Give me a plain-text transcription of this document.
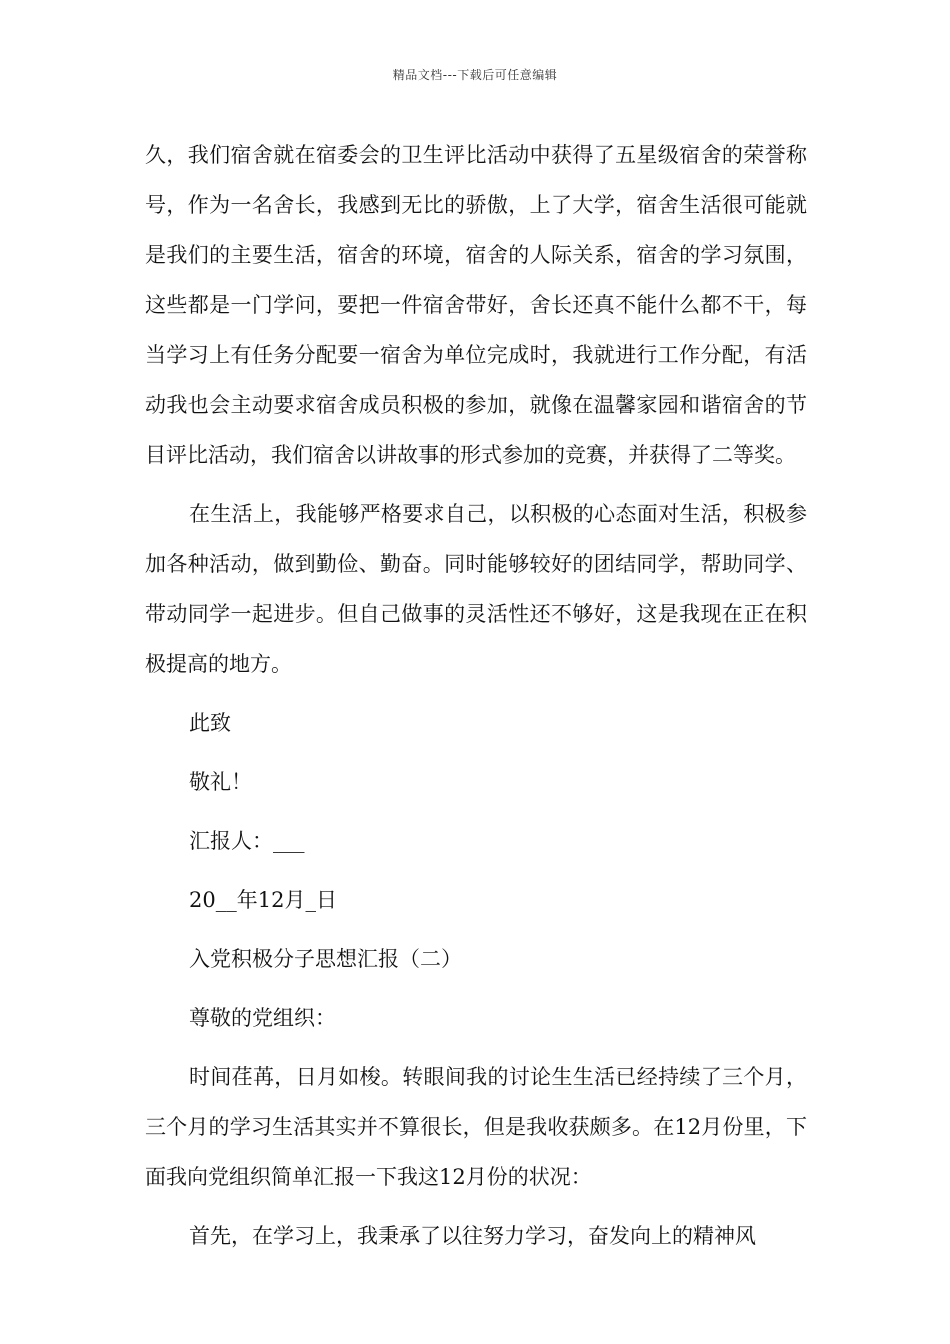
精品文档---下载后可任意编辑

久，我们宿舍就在宿委会的卫生评比活动中获得了五星级宿舍的荣誉称号，作为一名舍长，我感到无比的骄傲，上了大学，宿舍生活很可能就是我们的主要生活，宿舍的环境，宿舍的人际关系，宿舍的学习氛围，这些都是一门学问，要把一件宿舍带好，舍长还真不能什么都不干，每当学习上有任务分配要一宿舍为单位完成时，我就进行工作分配，有活动我也会主动要求宿舍成员积极的参加，就像在温馨家园和谐宿舍的节目评比活动，我们宿舍以讲故事的形式参加的竞赛，并获得了二等奖。

在生活上，我能够严格要求自己，以积极的心态面对生活，积极参加各种活动，做到勤俭、勤奋。同时能够较好的团结同学，帮助同学、带动同学一起进步。但自己做事的灵活性还不够好，这是我现在正在积极提高的地方。

此致

敬礼！

汇报人：___

20__年12月_日

入党积极分子思想汇报（二）

尊敬的党组织：

时间荏苒，日月如梭。转眼间我的讨论生生活已经持续了三个月，三个月的学习生活其实并不算很长，但是我收获颇多。在12月份里，下面我向党组织简单汇报一下我这12月份的状况：

首先，在学习上，我秉承了以往努力学习，奋发向上的精神风
